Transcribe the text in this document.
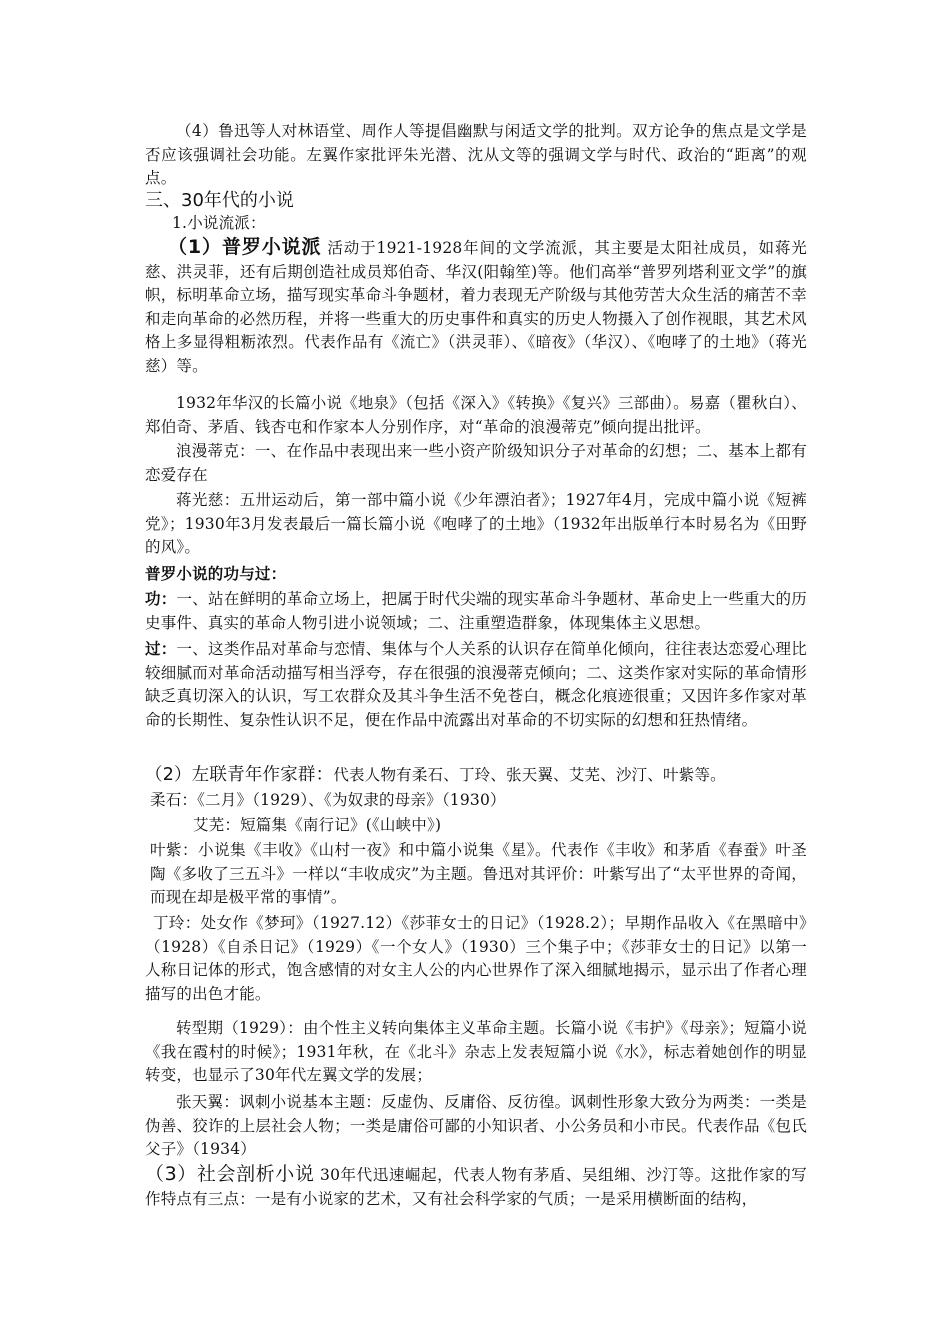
（4）鲁迅等人对林语堂、周作人等提倡幽默与闲适文学的批判。双方论争的焦点是文学是否应该强调社会功能。左翼作家批评朱光潜、沈从文等的强调文学与时代、政治的“距离”的观点。
三、30年代的小说
1.小说流派：
（1）普罗小说派 活动于1921-1928年间的文学流派，其主要是太阳社成员，如蒋光慈、洪灵菲，还有后期创造社成员郑伯奇、华汉(阳翰笙)等。他们高举“普罗列塔利亚文学”的旗帜，标明革命立场，描写现实革命斗争题材，着力表现无产阶级与其他劳苦大众生活的痛苦不幸和走向革命的必然历程，并将一些重大的历史事件和真实的历史人物摄入了创作视眼，其艺术风格上多显得粗粝浓烈。代表作品有《流亡》（洪灵菲）、《暗夜》（华汉）、《咆哮了的土地》（蒋光慈）等。
1932年华汉的长篇小说《地泉》（包括《深入》《转换》《复兴》三部曲）。易嘉（瞿秋白）、郑伯奇、茅盾、钱杏屯和作家本人分别作序，对“革命的浪漫蒂克”倾向提出批评。
浪漫蒂克：一、在作品中表现出来一些小资产阶级知识分子对革命的幻想；二、基本上都有恋爱存在
蒋光慈：五卅运动后，第一部中篇小说《少年漂泊者》；1927年4月，完成中篇小说《短裤党》；1930年3月发表最后一篇长篇小说《咆哮了的土地》（1932年出版单行本时易名为《田野的风》。
普罗小说的功与过：
功：一、站在鲜明的革命立场上，把属于时代尖端的现实革命斗争题材、革命史上一些重大的历史事件、真实的革命人物引进小说领域；二、注重塑造群象，体现集体主义思想。
过：一、这类作品对革命与恋情、集体与个人关系的认识存在简单化倾向，往往表达恋爱心理比较细腻而对革命活动描写相当浮夸，存在很强的浪漫蒂克倾向；二、这类作家对实际的革命情形缺乏真切深入的认识，写工农群众及其斗争生活不免苍白，概念化痕迹很重；又因许多作家对革命的长期性、复杂性认识不足，便在作品中流露出对革命的不切实际的幻想和狂热情绪。
（2）左联青年作家群：代表人物有柔石、丁玲、张天翼、艾芜、沙汀、叶紫等。
柔石：《二月》（1929）、《为奴隶的母亲》（1930）
艾芜：短篇集《南行记》(《山峡中》)
叶紫：小说集《丰收》《山村一夜》和中篇小说集《星》。代表作《丰收》和茅盾《春蚕》叶圣陶《多收了三五斗》一样以“丰收成灾”为主题。鲁迅对其评价：叶紫写出了“太平世界的奇闻，而现在却是极平常的事情”。
丁玲：处女作《梦珂》（1927.12）《莎菲女士的日记》（1928.2）；早期作品收入《在黑暗中》（1928）《自杀日记》（1929）《一个女人》（1930）三个集子中；《莎菲女士的日记》以第一人称日记体的形式，饱含感情的对女主人公的内心世界作了深入细腻地揭示，显示出了作者心理描写的出色才能。
转型期（1929）：由个性主义转向集体主义革命主题。长篇小说《韦护》《母亲》；短篇小说《我在霞村的时候》；1931年秋，在《北斗》杂志上发表短篇小说《水》，标志着她创作的明显转变，也显示了30年代左翼文学的发展；
张天翼：讽刺小说基本主题：反虚伪、反庸俗、反彷徨。讽刺性形象大致分为两类：一类是伪善、狡诈的上层社会人物；一类是庸俗可鄙的小知识者、小公务员和小市民。代表作品《包氏父子》（1934）
（3）社会剖析小说 30年代迅速崛起，代表人物有茅盾、吴组缃、沙汀等。这批作家的写作特点有三点：一是有小说家的艺术，又有社会科学家的气质；一是采用横断面的结构，
